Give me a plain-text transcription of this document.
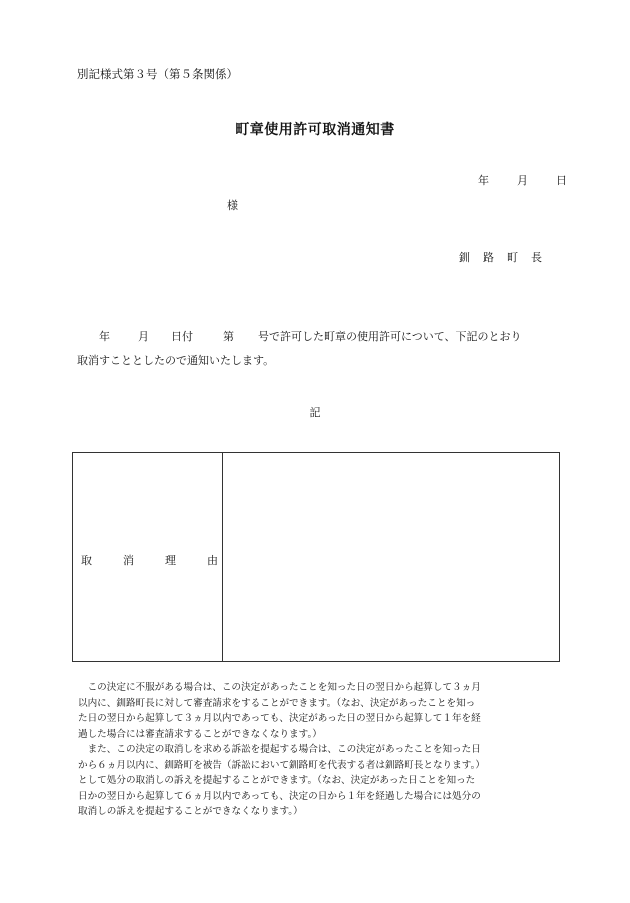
別記様式第３号（第５条関係）
町章使用許可取消通知書
年	月	日
様
釧 路 町 長
年	月 日付	第 号で許可した町章の使用許可について、下記のとおり
取消すこととしたので通知いたします。
記
取	消	理	由

　この決定に不服がある場合は、この決定があったことを知った日の翌日から起算して３ヵ月

以内に、釧路町長に対して審査請求をすることができます。（なお、決定があったことを知っ

た日の翌日から起算して３ヵ月以内であっても、決定があった日の翌日から起算して１年を経

過した場合には審査請求することができなくなります。）

　また、この決定の取消しを求める訴訟を提起する場合は、この決定があったことを知った日

から６ヵ月以内に、釧路町を被告（訴訟において釧路町を代表する者は釧路町長となります。）

として処分の取消しの訴えを提起することができます。（なお、決定があった日ことを知った

日かの翌日から起算して６ヵ月以内であっても、決定の日から１年を経過した場合には処分の

取消しの訴えを提起することができなくなります。）
